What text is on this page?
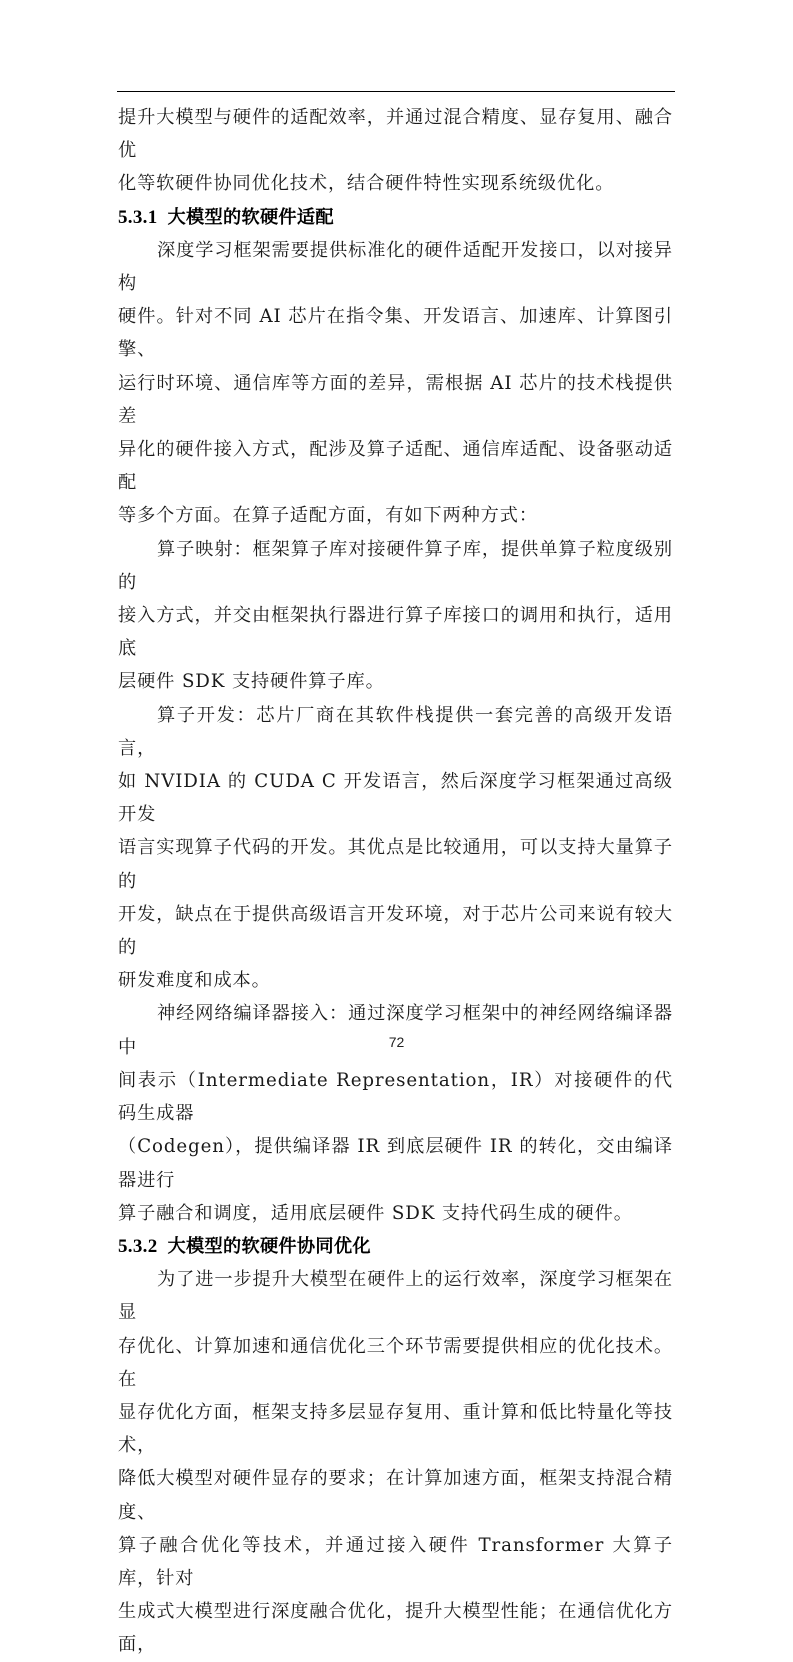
提升大模型与硬件的适配效率，并通过混合精度、显存复用、融合优
化等软硬件协同优化技术，结合硬件特性实现系统级优化。

5.3.1 大模型的软硬件适配

深度学习框架需要提供标准化的硬件适配开发接口，以对接异构
硬件。针对不同 AI 芯片在指令集、开发语言、加速库、计算图引擎、
运行时环境、通信库等方面的差异，需根据 AI 芯片的技术栈提供差
异化的硬件接入方式，配涉及算子适配、通信库适配、设备驱动适配
等多个方面。在算子适配方面，有如下两种方式：

算子映射：框架算子库对接硬件算子库，提供单算子粒度级别的
接入方式，并交由框架执行器进行算子库接口的调用和执行，适用底
层硬件 SDK 支持硬件算子库。

算子开发：芯片厂商在其软件栈提供一套完善的高级开发语言，
如 NVIDIA 的 CUDA C 开发语言，然后深度学习框架通过高级开发
语言实现算子代码的开发。其优点是比较通用，可以支持大量算子的
开发，缺点在于提供高级语言开发环境，对于芯片公司来说有较大的
研发难度和成本。

神经网络编译器接入：通过深度学习框架中的神经网络编译器中
间表示（Intermediate Representation，IR）对接硬件的代码生成器
（Codegen），提供编译器 IR 到底层硬件 IR 的转化，交由编译器进行
算子融合和调度，适用底层硬件 SDK 支持代码生成的硬件。

5.3.2 大模型的软硬件协同优化

为了进一步提升大模型在硬件上的运行效率，深度学习框架在显
存优化、计算加速和通信优化三个环节需要提供相应的优化技术。在
显存优化方面，框架支持多层显存复用、重计算和低比特量化等技术，
降低大模型对硬件显存的要求；在计算加速方面，框架支持混合精度、
算子融合优化等技术，并通过接入硬件 Transformer 大算子库，针对
生成式大模型进行深度融合优化，提升大模型性能；在通信优化方面，

72
